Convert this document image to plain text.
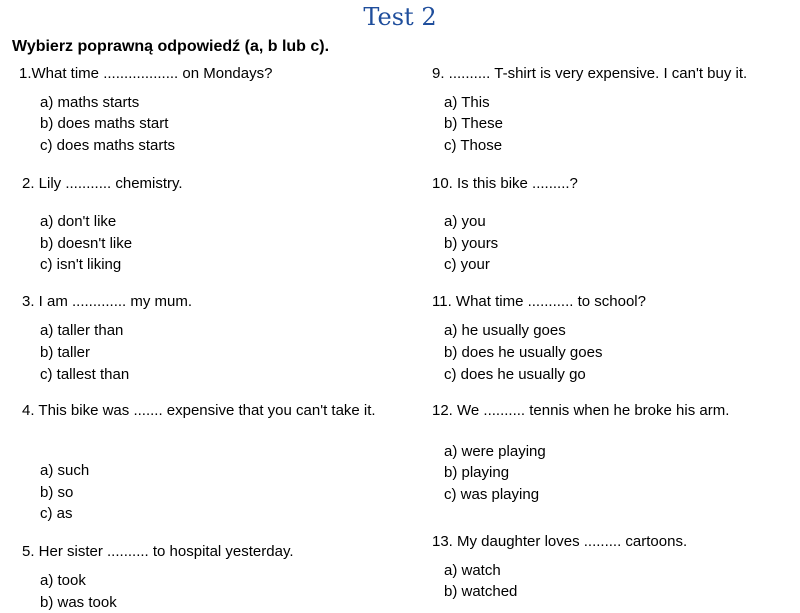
Test 2
Wybierz poprawną odpowiedź (a, b lub c).
1.What time .................. on Mondays?
a) maths starts
b) does maths start
c) does maths starts
2. Lily ........... chemistry.
a) don't like
b) doesn't like
c) isn't liking
3. I am ............. my mum.
a) taller than
b) taller
c) tallest than
4. This bike was ....... expensive that you can't take it.
a) such
b) so
c) as
5. Her sister .......... to hospital yesterday.
a) took
b) was took
9. .......... T-shirt is very expensive. I can't buy it.
a) This
b) These
c) Those
10. Is this bike .........?
a) you
b) yours
c) your
11. What time ........... to school?
a) he usually goes
b) does he usually goes
c) does he usually go
12. We .......... tennis when he broke his arm.
a) were playing
b) playing
c) was playing
13. My daughter loves ......... cartoons.
a) watch
b) watched
